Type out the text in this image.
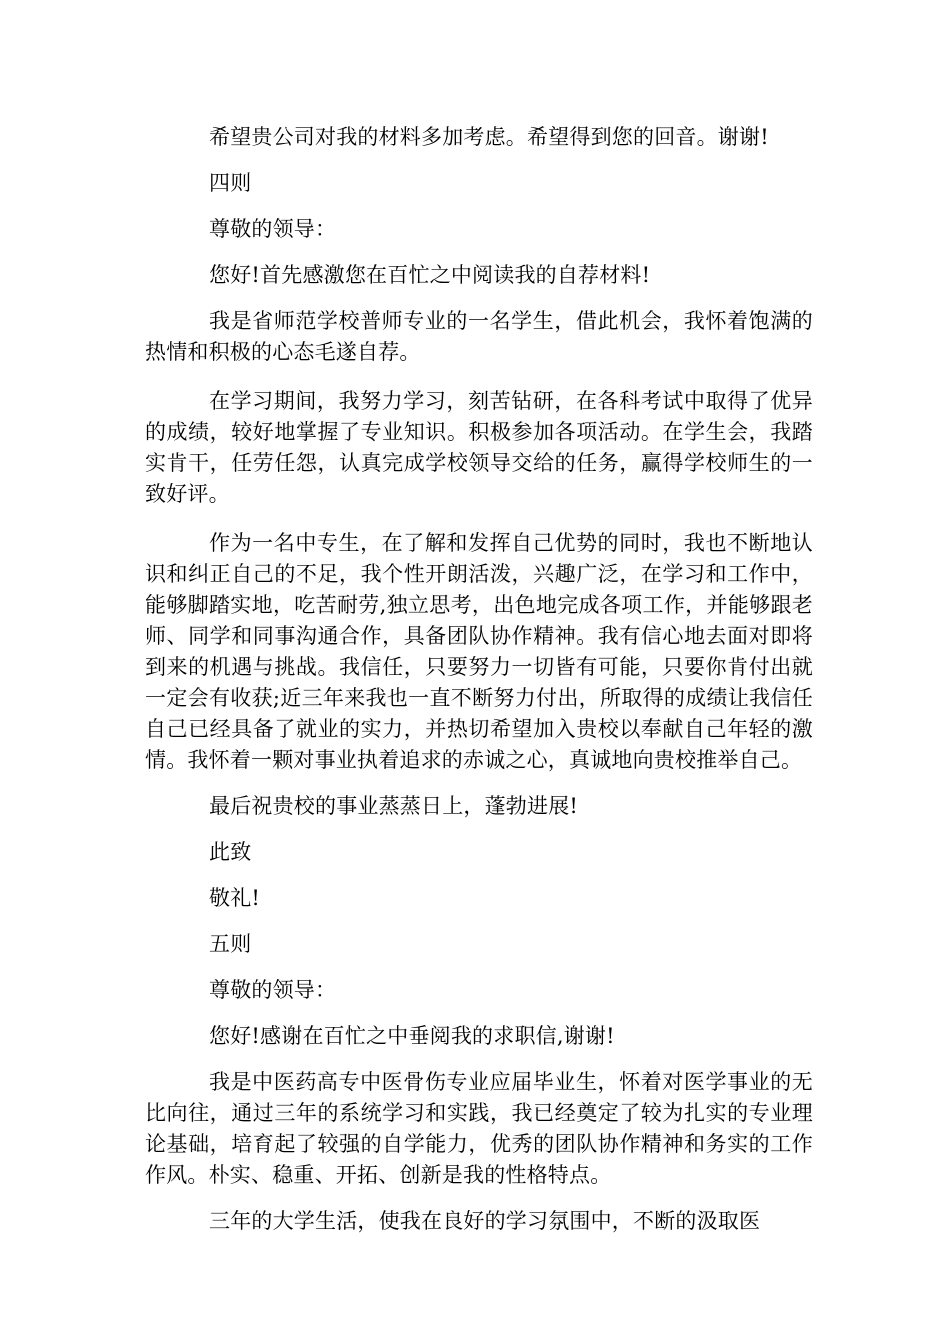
希望贵公司对我的材料多加考虑。希望得到您的回音。谢谢!

四则

尊敬的领导：

您好!首先感激您在百忙之中阅读我的自荐材料!

我是省师范学校普师专业的一名学生，借此机会，我怀着饱满的热情和积极的心态毛遂自荐。

在学习期间，我努力学习，刻苦钻研，在各科考试中取得了优异的成绩，较好地掌握了专业知识。积极参加各项活动。在学生会，我踏实肯干，任劳任怨，认真完成学校领导交给的任务，赢得学校师生的一致好评。

作为一名中专生，在了解和发挥自己优势的同时，我也不断地认识和纠正自己的不足，我个性开朗活泼，兴趣广泛，在学习和工作中，能够脚踏实地，吃苦耐劳,独立思考，出色地完成各项工作，并能够跟老师、同学和同事沟通合作，具备团队协作精神。我有信心地去面对即将到来的机遇与挑战。我信任，只要努力一切皆有可能，只要你肯付出就一定会有收获;近三年来我也一直不断努力付出，所取得的成绩让我信任自己已经具备了就业的实力，并热切希望加入贵校以奉献自己年轻的激情。我怀着一颗对事业执着追求的赤诚之心，真诚地向贵校推举自己。

最后祝贵校的事业蒸蒸日上，蓬勃进展!

此致

敬礼!

五则

尊敬的领导：

您好!感谢在百忙之中垂阅我的求职信,谢谢!

我是中医药高专中医骨伤专业应届毕业生，怀着对医学事业的无比向往，通过三年的系统学习和实践，我已经奠定了较为扎实的专业理论基础，培育起了较强的自学能力，优秀的团队协作精神和务实的工作作风。朴实、稳重、开拓、创新是我的性格特点。

三年的大学生活，使我在良好的学习氛围中，不断的汲取医
